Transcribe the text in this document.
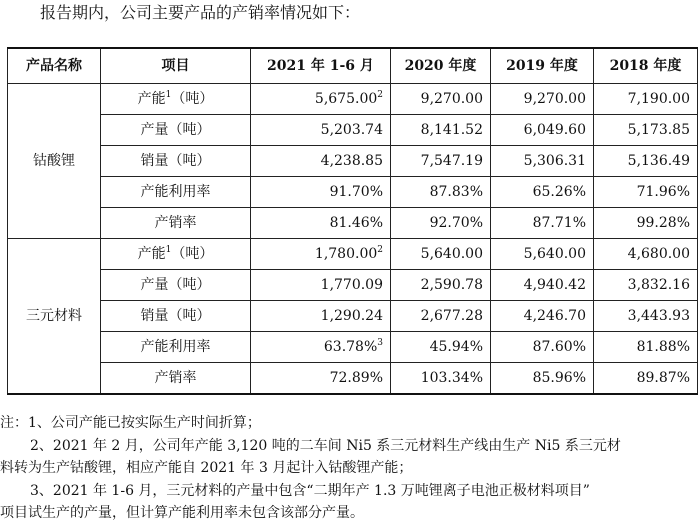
报告期内，公司主要产品的产销率情况如下：
产品名称	项目	2021 年 1-6 月	2020 年度	2019 年度	2018 年度
钴酸锂	产能$^1$（吨）	5,675.00$^2$	9,270.00	9,270.00	7,190.00
	产量（吨）	5,203.74	8,141.52	6,049.60	5,173.85
	销量（吨）	4,238.85	7,547.19	5,306.31	5,136.49
	产能利用率	91.70%	87.83%	65.26%	71.96%
	产销率	81.46%	92.70%	87.71%	99.28%
三元材料	产能$^1$（吨）	1,780.00$^2$	5,640.00	5,640.00	4,680.00
	产量（吨）	1,770.09	2,590.78	4,940.42	3,832.16
	销量（吨）	1,290.24	2,677.28	4,246.70	3,443.93
	产能利用率	63.78%$^3$	45.94%	87.60%	81.88%
	产销率	72.89%	103.34%	85.96%	89.87%
注：1、公司产能已按实际生产时间折算；
2、2021 年 2 月，公司年产能 3,120 吨的二车间 Ni5 系三元材料生产线由生产 Ni5 系三元材
料转为生产钴酸锂，相应产能自 2021 年 3 月起计入钴酸锂产能；
3、2021 年 1-6 月，三元材料的产量中包含“二期年产 1.3 万吨锂离子电池正极材料项目”
项目试生产的产量，但计算产能利用率未包含该部分产量。
